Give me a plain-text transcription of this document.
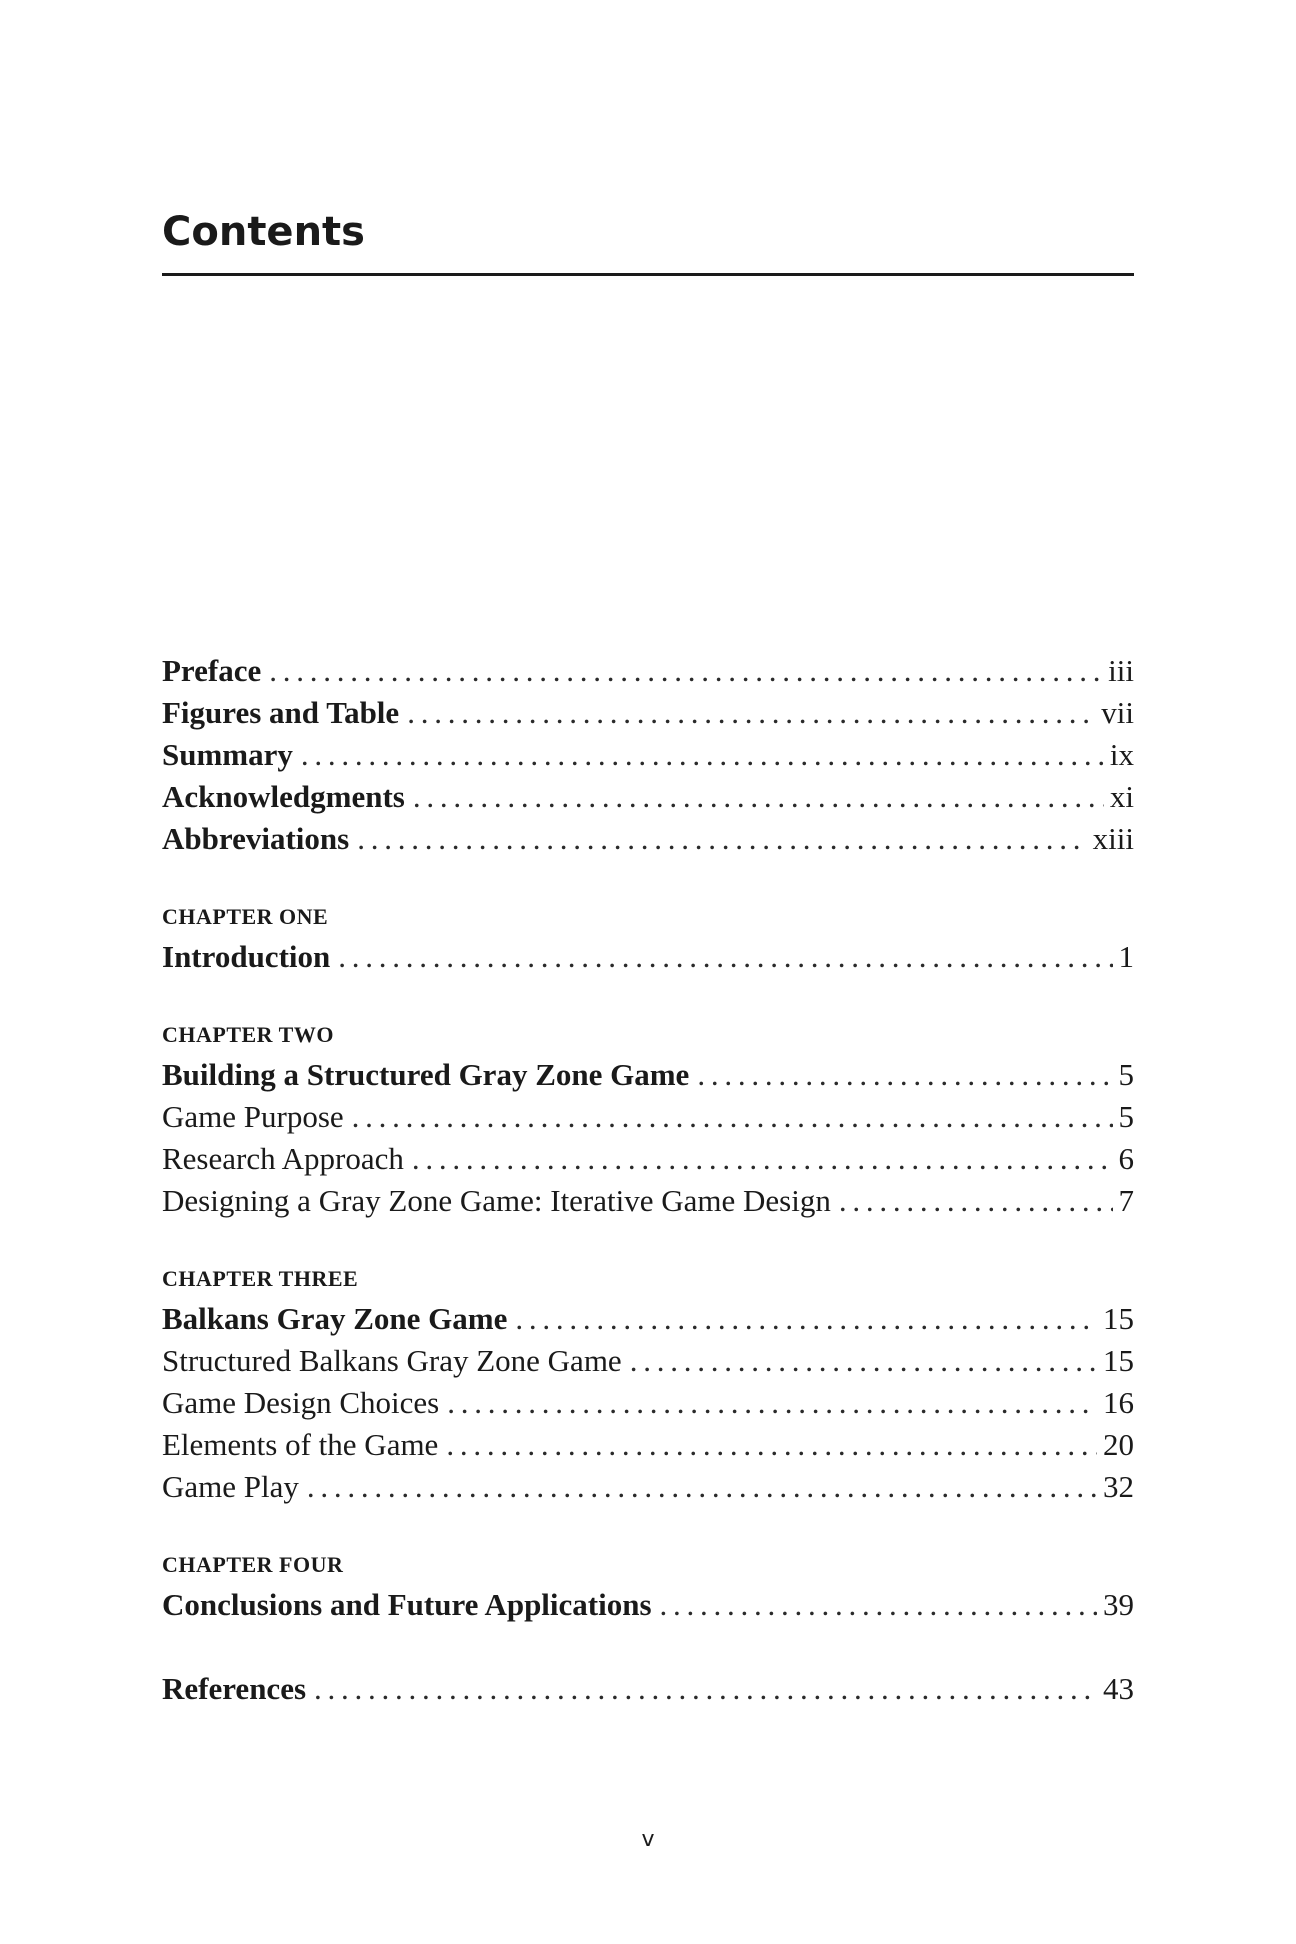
Contents
Preface . . .	iii
Figures and Table . . .	vii
Summary . . .	ix
Acknowledgments . . .	xi
Abbreviations . . .	xiii
CHAPTER ONE
Introduction . . .	1
CHAPTER TWO
Building a Structured Gray Zone Game . . .	5
Game Purpose . . .	5
Research Approach . . .	6
Designing a Gray Zone Game: Iterative Game Design . . .	7
CHAPTER THREE
Balkans Gray Zone Game . . .	15
Structured Balkans Gray Zone Game . . .	15
Game Design Choices . . .	16
Elements of the Game . . .	20
Game Play . . .	32
CHAPTER FOUR
Conclusions and Future Applications . . .	39
References . . .	43
v
